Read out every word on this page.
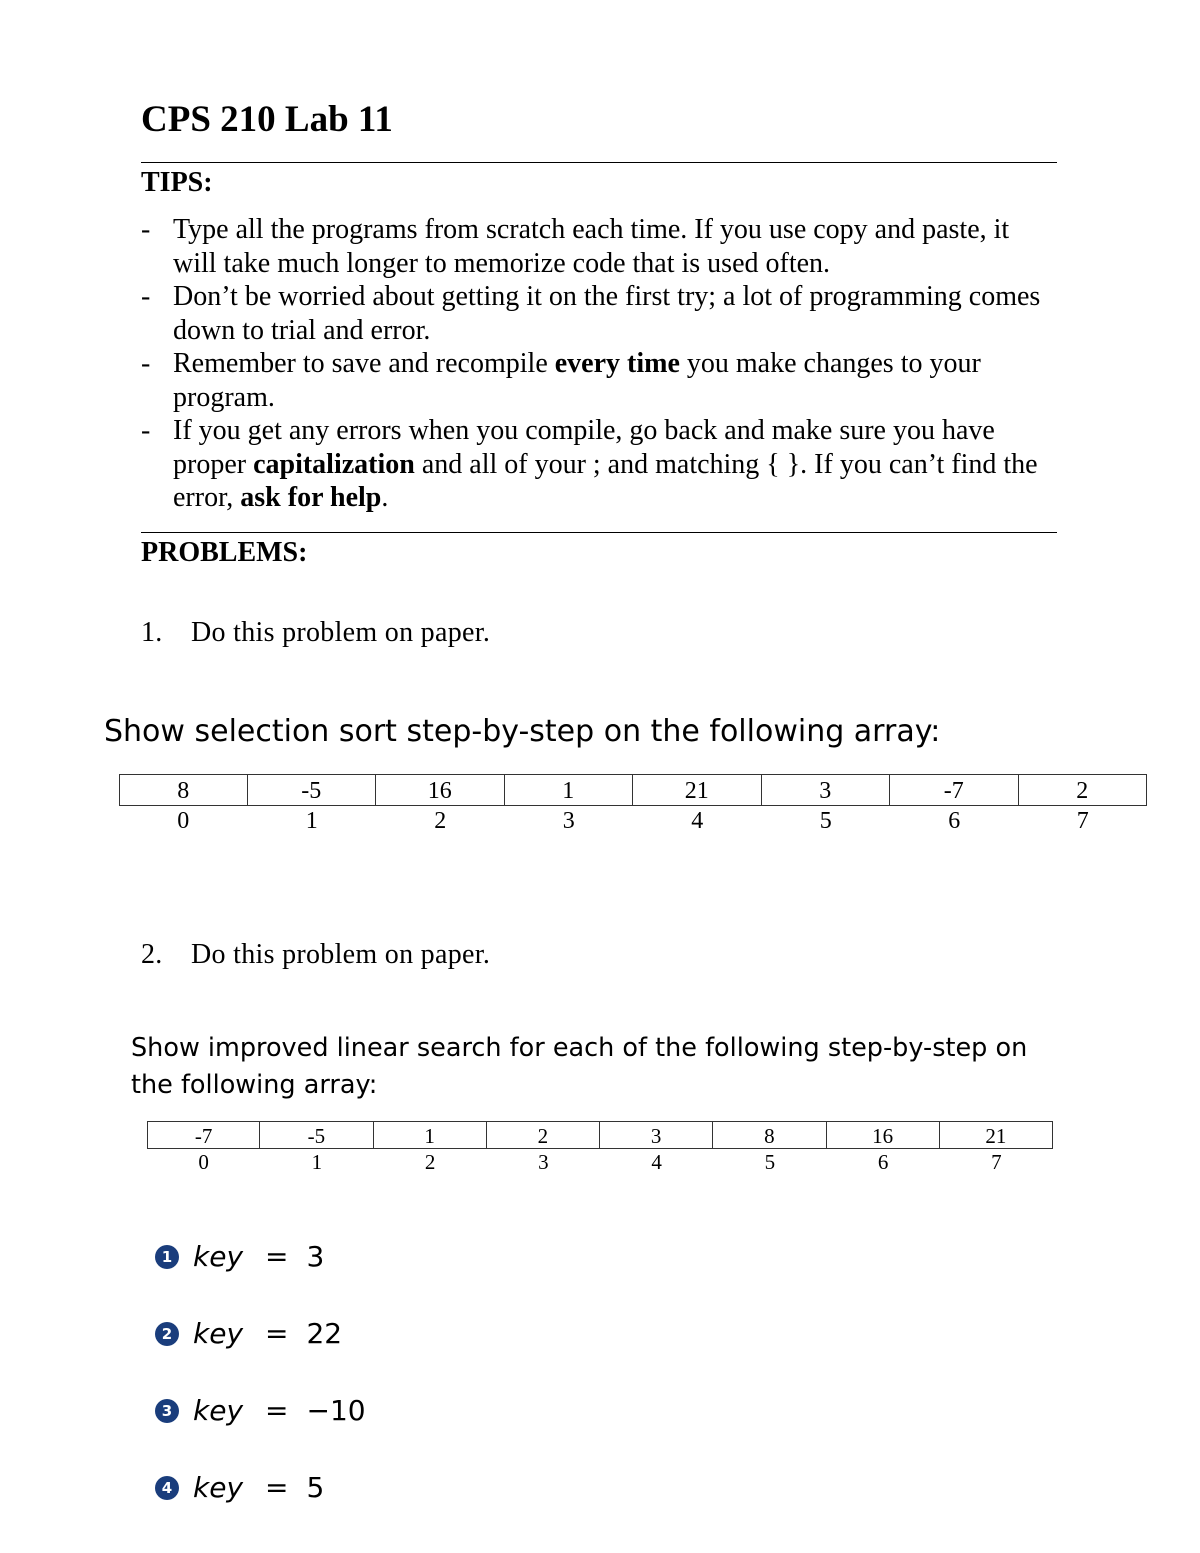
CPS 210 Lab 11
TIPS:
- Type all the programs from scratch each time. If you use copy and paste, it will take much longer to memorize code that is used often.
- Don’t be worried about getting it on the first try; a lot of programming comes down to trial and error.
- Remember to save and recompile every time you make changes to your program.
- If you get any errors when you compile, go back and make sure you have proper capitalization and all of your ; and matching { }. If you can’t find the error, ask for help.
PROBLEMS:
1. Do this problem on paper.
Show selection sort step-by-step on the following array:
8
0
-5
1
16
2
1
3
21
4
3
5
-7
6
2
7
2. Do this problem on paper.
Show improved linear search for each of the following step-by-step on the following array:
-7
0
-5
1
1
2
2
3
3
4
8
5
16
6
21
7
1 key = 3
2 key = 22
3 key = −10
4 key = 5
